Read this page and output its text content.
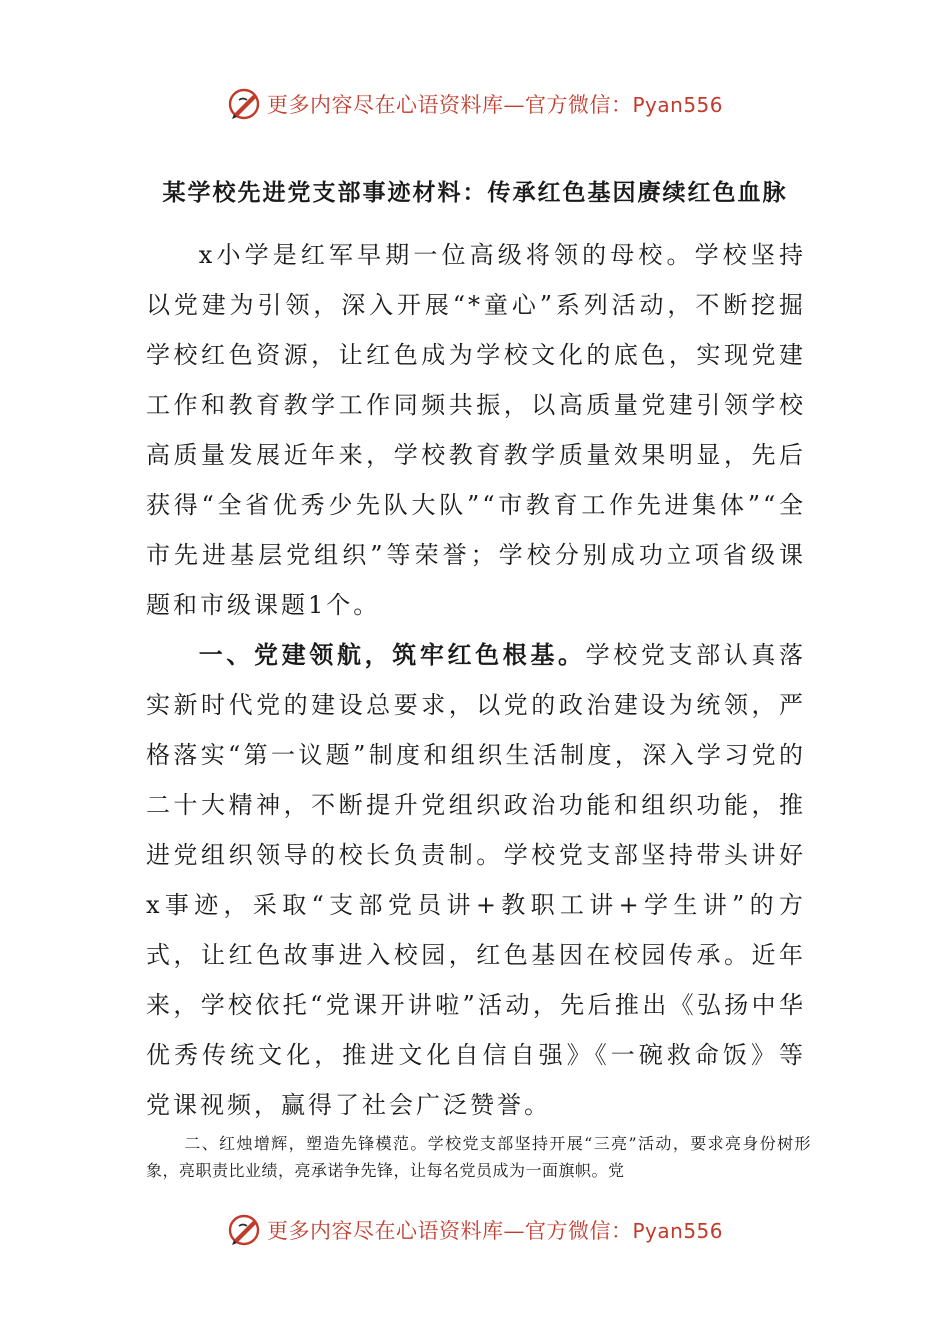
更多内容尽在心语资料库—官方微信：Pyan556
某学校先进党支部事迹材料：传承红色基因赓续红色血脉

x小学是红军早期一位高级将领的母校。学校坚持以党建为引领，深入开展“*童心”系列活动，不断挖掘学校红色资源，让红色成为学校文化的底色，实现党建工作和教育教学工作同频共振，以高质量党建引领学校高质量发展近年来，学校教育教学质量效果明显，先后获得“全省优秀少先队大队”“市教育工作先进集体”“全市先进基层党组织”等荣誉；学校分别成功立项省级课题和市级课题1个。

一、党建领航，筑牢红色根基。学校党支部认真落实新时代党的建设总要求，以党的政治建设为统领，严格落实“第一议题”制度和组织生活制度，深入学习党的二十大精神，不断提升党组织政治功能和组织功能，推进党组织领导的校长负责制。学校党支部坚持带头讲好x事迹，采取“支部党员讲+教职工讲+学生讲”的方式，让红色故事进入校园，红色基因在校园传承。近年来，学校依托“党课开讲啦”活动，先后推出《弘扬中华优秀传统文化，推进文化自信自强》《一碗救命饭》等党课视频，赢得了社会广泛赞誉。

二、红烛增辉，塑造先锋模范。学校党支部坚持开展“三亮”活动，要求亮身份树形象，亮职责比业绩，亮承诺争先锋，让每名党员成为一面旗帜。党

更多内容尽在心语资料库—官方微信：Pyan556
